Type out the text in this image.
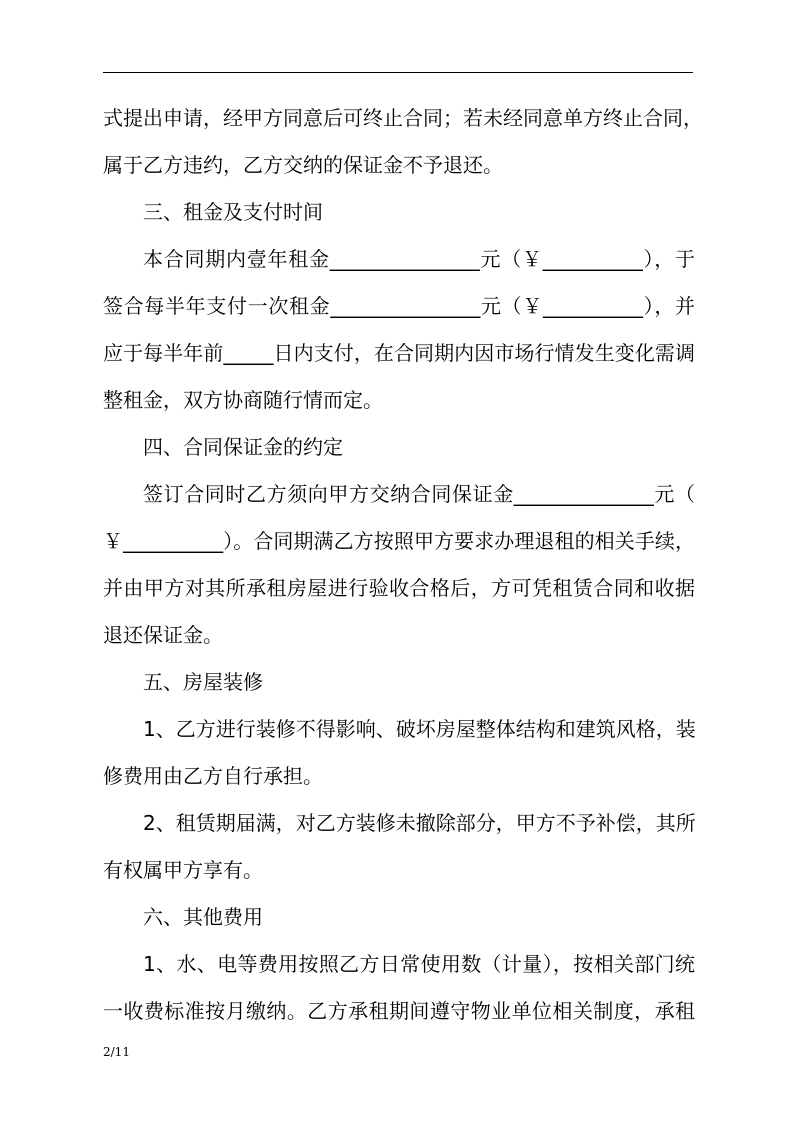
式提出申请，经甲方同意后可终止合同；若未经同意单方终止合同，
属于乙方违约，乙方交纳的保证金不予退还。
三、租金及支付时间
本合同期内壹年租金_______________元（￥__________），于
签合每半年支付一次租金_______________元（￥__________），并
应于每半年前_____日内支付，在合同期内因市场行情发生变化需调
整租金，双方协商随行情而定。
四、合同保证金的约定
签订合同时乙方须向甲方交纳合同保证金______________元（
￥__________）。合同期满乙方按照甲方要求办理退租的相关手续，
并由甲方对其所承租房屋进行验收合格后，方可凭租赁合同和收据
退还保证金。
五、房屋装修
1、乙方进行装修不得影响、破坏房屋整体结构和建筑风格，装
修费用由乙方自行承担。
2、租赁期届满，对乙方装修未撤除部分，甲方不予补偿，其所
有权属甲方享有。
六、其他费用
1、水、电等费用按照乙方日常使用数（计量），按相关部门统
一收费标准按月缴纳。乙方承租期间遵守物业单位相关制度，承租
2/11
